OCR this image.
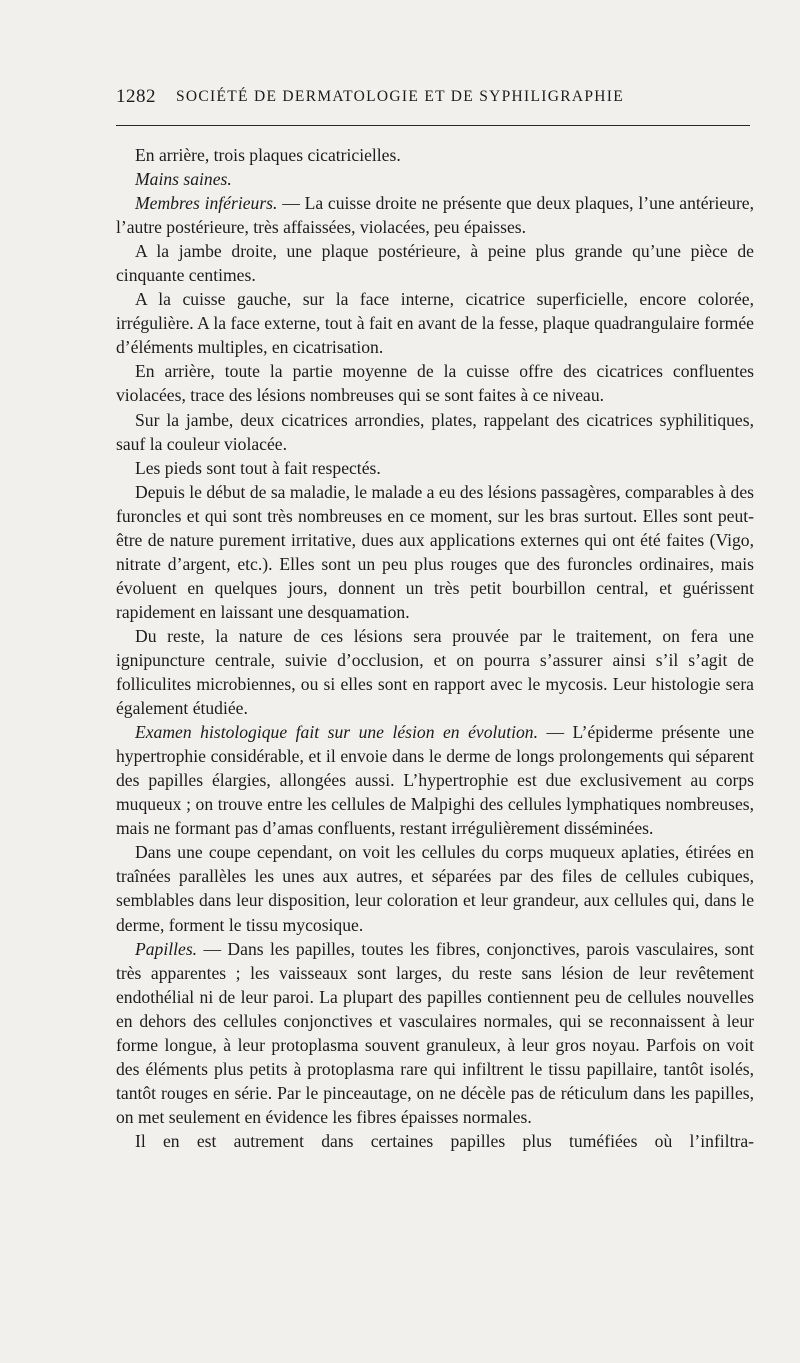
1282 SOCIÉTÉ DE DERMATOLOGIE ET DE SYPHILIGRAPHIE

En arrière, trois plaques cicatricielles.

Mains saines.

Membres inférieurs. — La cuisse droite ne présente que deux plaques, l’une antérieure, l’autre postérieure, très affaissées, violacées, peu épaisses.

A la jambe droite, une plaque postérieure, à peine plus grande qu’une pièce de cinquante centimes.

A la cuisse gauche, sur la face interne, cicatrice superficielle, encore colorée, irrégulière. A la face externe, tout à fait en avant de la fesse, plaque quadrangulaire formée d’éléments multiples, en cicatrisation.

En arrière, toute la partie moyenne de la cuisse offre des cicatrices confluentes violacées, trace des lésions nombreuses qui se sont faites à ce niveau.

Sur la jambe, deux cicatrices arrondies, plates, rappelant des cicatrices syphilitiques, sauf la couleur violacée.

Les pieds sont tout à fait respectés.

Depuis le début de sa maladie, le malade a eu des lésions passagères, comparables à des furoncles et qui sont très nombreuses en ce moment, sur les bras surtout. Elles sont peut-être de nature purement irritative, dues aux applications externes qui ont été faites (Vigo, nitrate d’argent, etc.). Elles sont un peu plus rouges que des furoncles ordinaires, mais évoluent en quelques jours, donnent un très petit bourbillon central, et guérissent rapidement en laissant une desquamation.

Du reste, la nature de ces lésions sera prouvée par le traitement, on fera une ignipuncture centrale, suivie d’occlusion, et on pourra s’assurer ainsi s’il s’agit de folliculites microbiennes, ou si elles sont en rapport avec le mycosis. Leur histologie sera également étudiée.

Examen histologique fait sur une lésion en évolution. — L’épiderme présente une hypertrophie considérable, et il envoie dans le derme de longs prolongements qui séparent des papilles élargies, allongées aussi. L’hypertrophie est due exclusivement au corps muqueux ; on trouve entre les cellules de Malpighi des cellules lymphatiques nombreuses, mais ne formant pas d’amas confluents, restant irrégulièrement disséminées.

Dans une coupe cependant, on voit les cellules du corps muqueux aplaties, étirées en traînées parallèles les unes aux autres, et séparées par des files de cellules cubiques, semblables dans leur disposition, leur coloration et leur grandeur, aux cellules qui, dans le derme, forment le tissu mycosique.

Papilles. — Dans les papilles, toutes les fibres, conjonctives, parois vasculaires, sont très apparentes ; les vaisseaux sont larges, du reste sans lésion de leur revêtement endothélial ni de leur paroi. La plupart des papilles contiennent peu de cellules nouvelles en dehors des cellules conjonctives et vasculaires normales, qui se reconnaissent à leur forme longue, à leur protoplasma souvent granuleux, à leur gros noyau. Parfois on voit des éléments plus petits à protoplasma rare qui infiltrent le tissu papillaire, tantôt isolés, tantôt rouges en série. Par le pinceautage, on ne décèle pas de réticulum dans les papilles, on met seulement en évidence les fibres épaisses normales.

Il en est autrement dans certaines papilles plus tuméfiées où l’infiltra-
